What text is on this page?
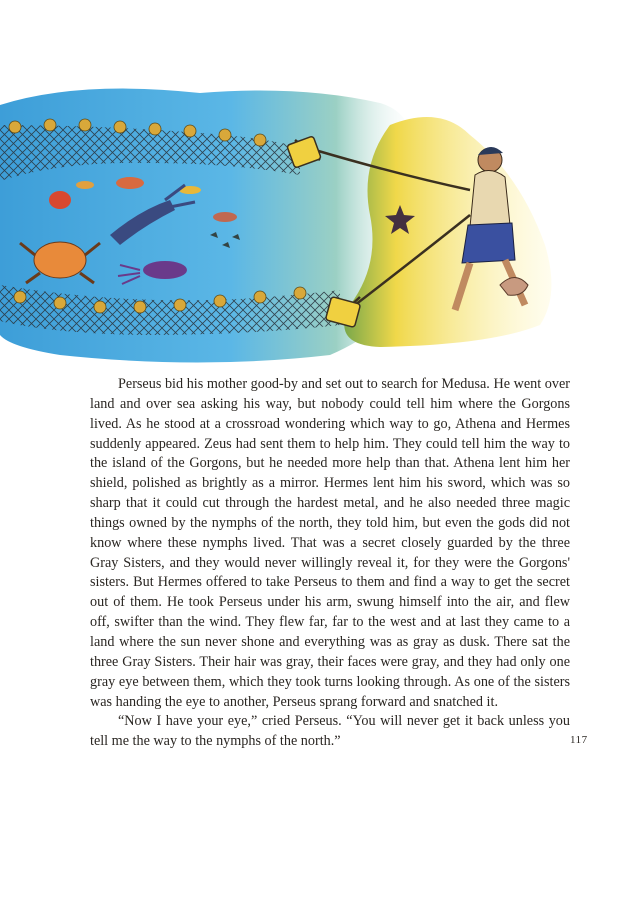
Perseus bid his mother good-by and set out to search for Medusa. He went over land and over sea asking his way, but nobody could tell him where the Gorgons lived. As he stood at a crossroad wondering which way to go, Athena and Hermes suddenly appeared. Zeus had sent them to help him. They could tell him the way to the island of the Gorgons, but he needed more help than that. Athena lent him her shield, polished as brightly as a mirror. Hermes lent him his sword, which was so sharp that it could cut through the hardest metal, and he also needed three magic things owned by the nymphs of the north, they told him, but even the gods did not know where these nymphs lived. That was a secret closely guarded by the three Gray Sisters, and they would never willingly reveal it, for they were the Gorgons' sisters. But Hermes offered to take Perseus to them and find a way to get the secret out of them. He took Perseus under his arm, swung himself into the air, and flew off, swifter than the wind. They flew far, far to the west and at last they came to a land where the sun never shone and everything was as gray as dusk. There sat the three Gray Sisters. Their hair was gray, their faces were gray, and they had only one gray eye between them, which they took turns looking through. As one of the sisters was handing the eye to another, Perseus sprang forward and snatched it.

“Now I have your eye,” cried Perseus. “You will never get it back unless you tell me the way to the nymphs of the north.”	117
